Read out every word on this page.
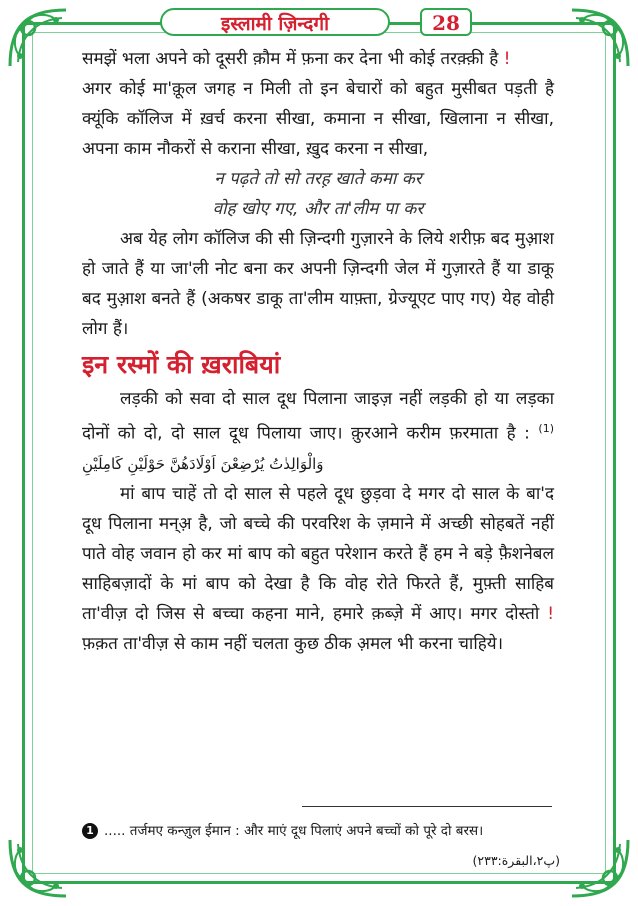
इस्लामी ज़िन्दगी	28

समझें भला अपने को दूसरी क़ौम में फ़ना कर देना भी कोई तरक़्क़ी है !

अगर कोई मा'क़ूल जगह न मिली तो इन बेचारों को बहुत मुसीबत पड़ती है क्यूंकि कॉलिज में ख़र्च करना सीखा, कमाना न सीखा, खिलाना न सीखा, अपना काम नौकरों से कराना सीखा, ख़ुद करना न सीखा,

न पढ़ते तो सो तरह़ खाते कमा कर

वोह खोए गए, और ता'लीम पा कर

अब येह लोग कॉलिज की सी ज़िन्दगी गुज़ारने के लिये शरीफ़ बद मुआ़श हो जाते हैं या जा'ली नोट बना कर अपनी ज़िन्दगी जेल में गुज़ारते हैं या डाकू बद मुआ़श बनते हैं (अकषर डाकू ता'लीम याफ़्ता, ग्रेज्यूएट पाए गए) येह वोही लोग हैं।

इन रस्मों की ख़राबियां

लड़की को सवा दो साल दूध पिलाना जाइज़ नहीं लड़की हो या लड़का दोनों को दो, दो साल दूध पिलाया जाए। क़ुरआने करीम फ़रमाता है : $^{(1)}$ وَالْوَالِدٰتُ یُرْضِعْنَ اَوْلَادَهُنَّ حَوْلَیْنِ كَامِلَیْنِ

मां बाप चाहें तो दो साल से पहले दूध छुड़वा दे मगर दो साल के बा'द दूध पिलाना मन्अ़ है, जो बच्चे की परवरिश के ज़माने में अच्छी सोहबतें नहीं पाते वोह जवान हो कर मां बाप को बहुत परेशान करते हैं हम ने बड़े फ़ैशनेबल साहिबज़ादों के मां बाप को देखा है कि वोह रोते फिरते हैं, मुफ़्ती साहिब ता'वीज़ दो जिस से बच्चा कहना माने, हमारे क़ब्ज़े में आए। मगर दोस्तो ! फ़क़त ता'वीज़ से काम नहीं चलता कुछ ठीक अ़मल भी करना चाहिये।

1 ..... तर्जमए कन्ज़ुल ईमान : और माएं दूध पिलाएं अपने बच्चों को पूरे दो बरस।
(پ۲،البقرة:۲۳۳)
